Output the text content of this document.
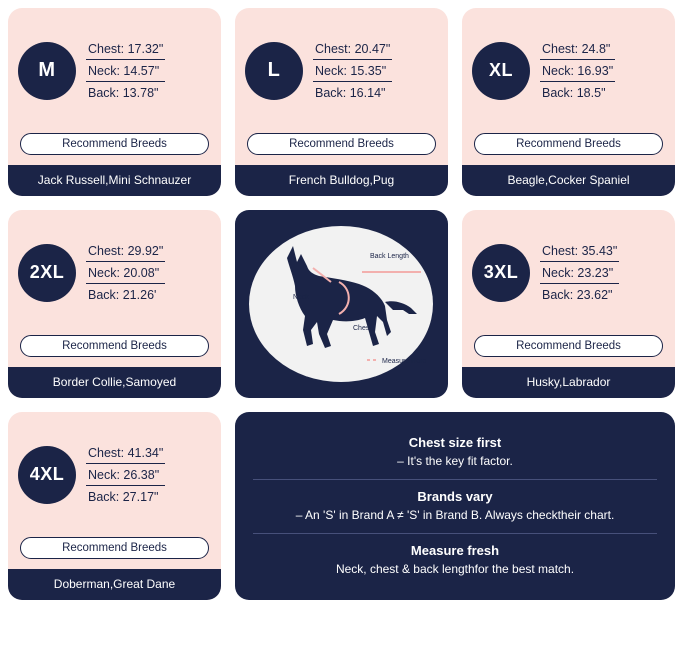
M
Chest: 17.32"
Neck: 14.57"
Back: 13.78"
Recommend Breeds
Jack Russell,Mini Schnauzer
L
Chest: 20.47"
Neck: 15.35"
Back: 16.14"
Recommend Breeds
French Bulldog,Pug
XL
Chest: 24.8"
Neck: 16.93"
Back: 18.5"
Recommend Breeds
Beagle,Cocker Spaniel
2XL
Chest: 29.92"
Neck: 20.08"
Back: 21.26'
Recommend Breeds
Border Collie,Samoyed
Back Length
Neck
Chest
Measure Here
3XL
Chest: 35.43"
Neck: 23.23"
Back: 23.62"
Recommend Breeds
Husky,Labrador
4XL
Chest: 41.34"
Neck: 26.38"
Back: 27.17"
Recommend Breeds
Doberman,Great Dane
Chest size first
– It's the key fit factor.
Brands vary
– An 'S' in Brand A ≠ 'S' in Brand B. Always checktheir chart.
Measure fresh
Neck, chest & back lengthfor the best match.
